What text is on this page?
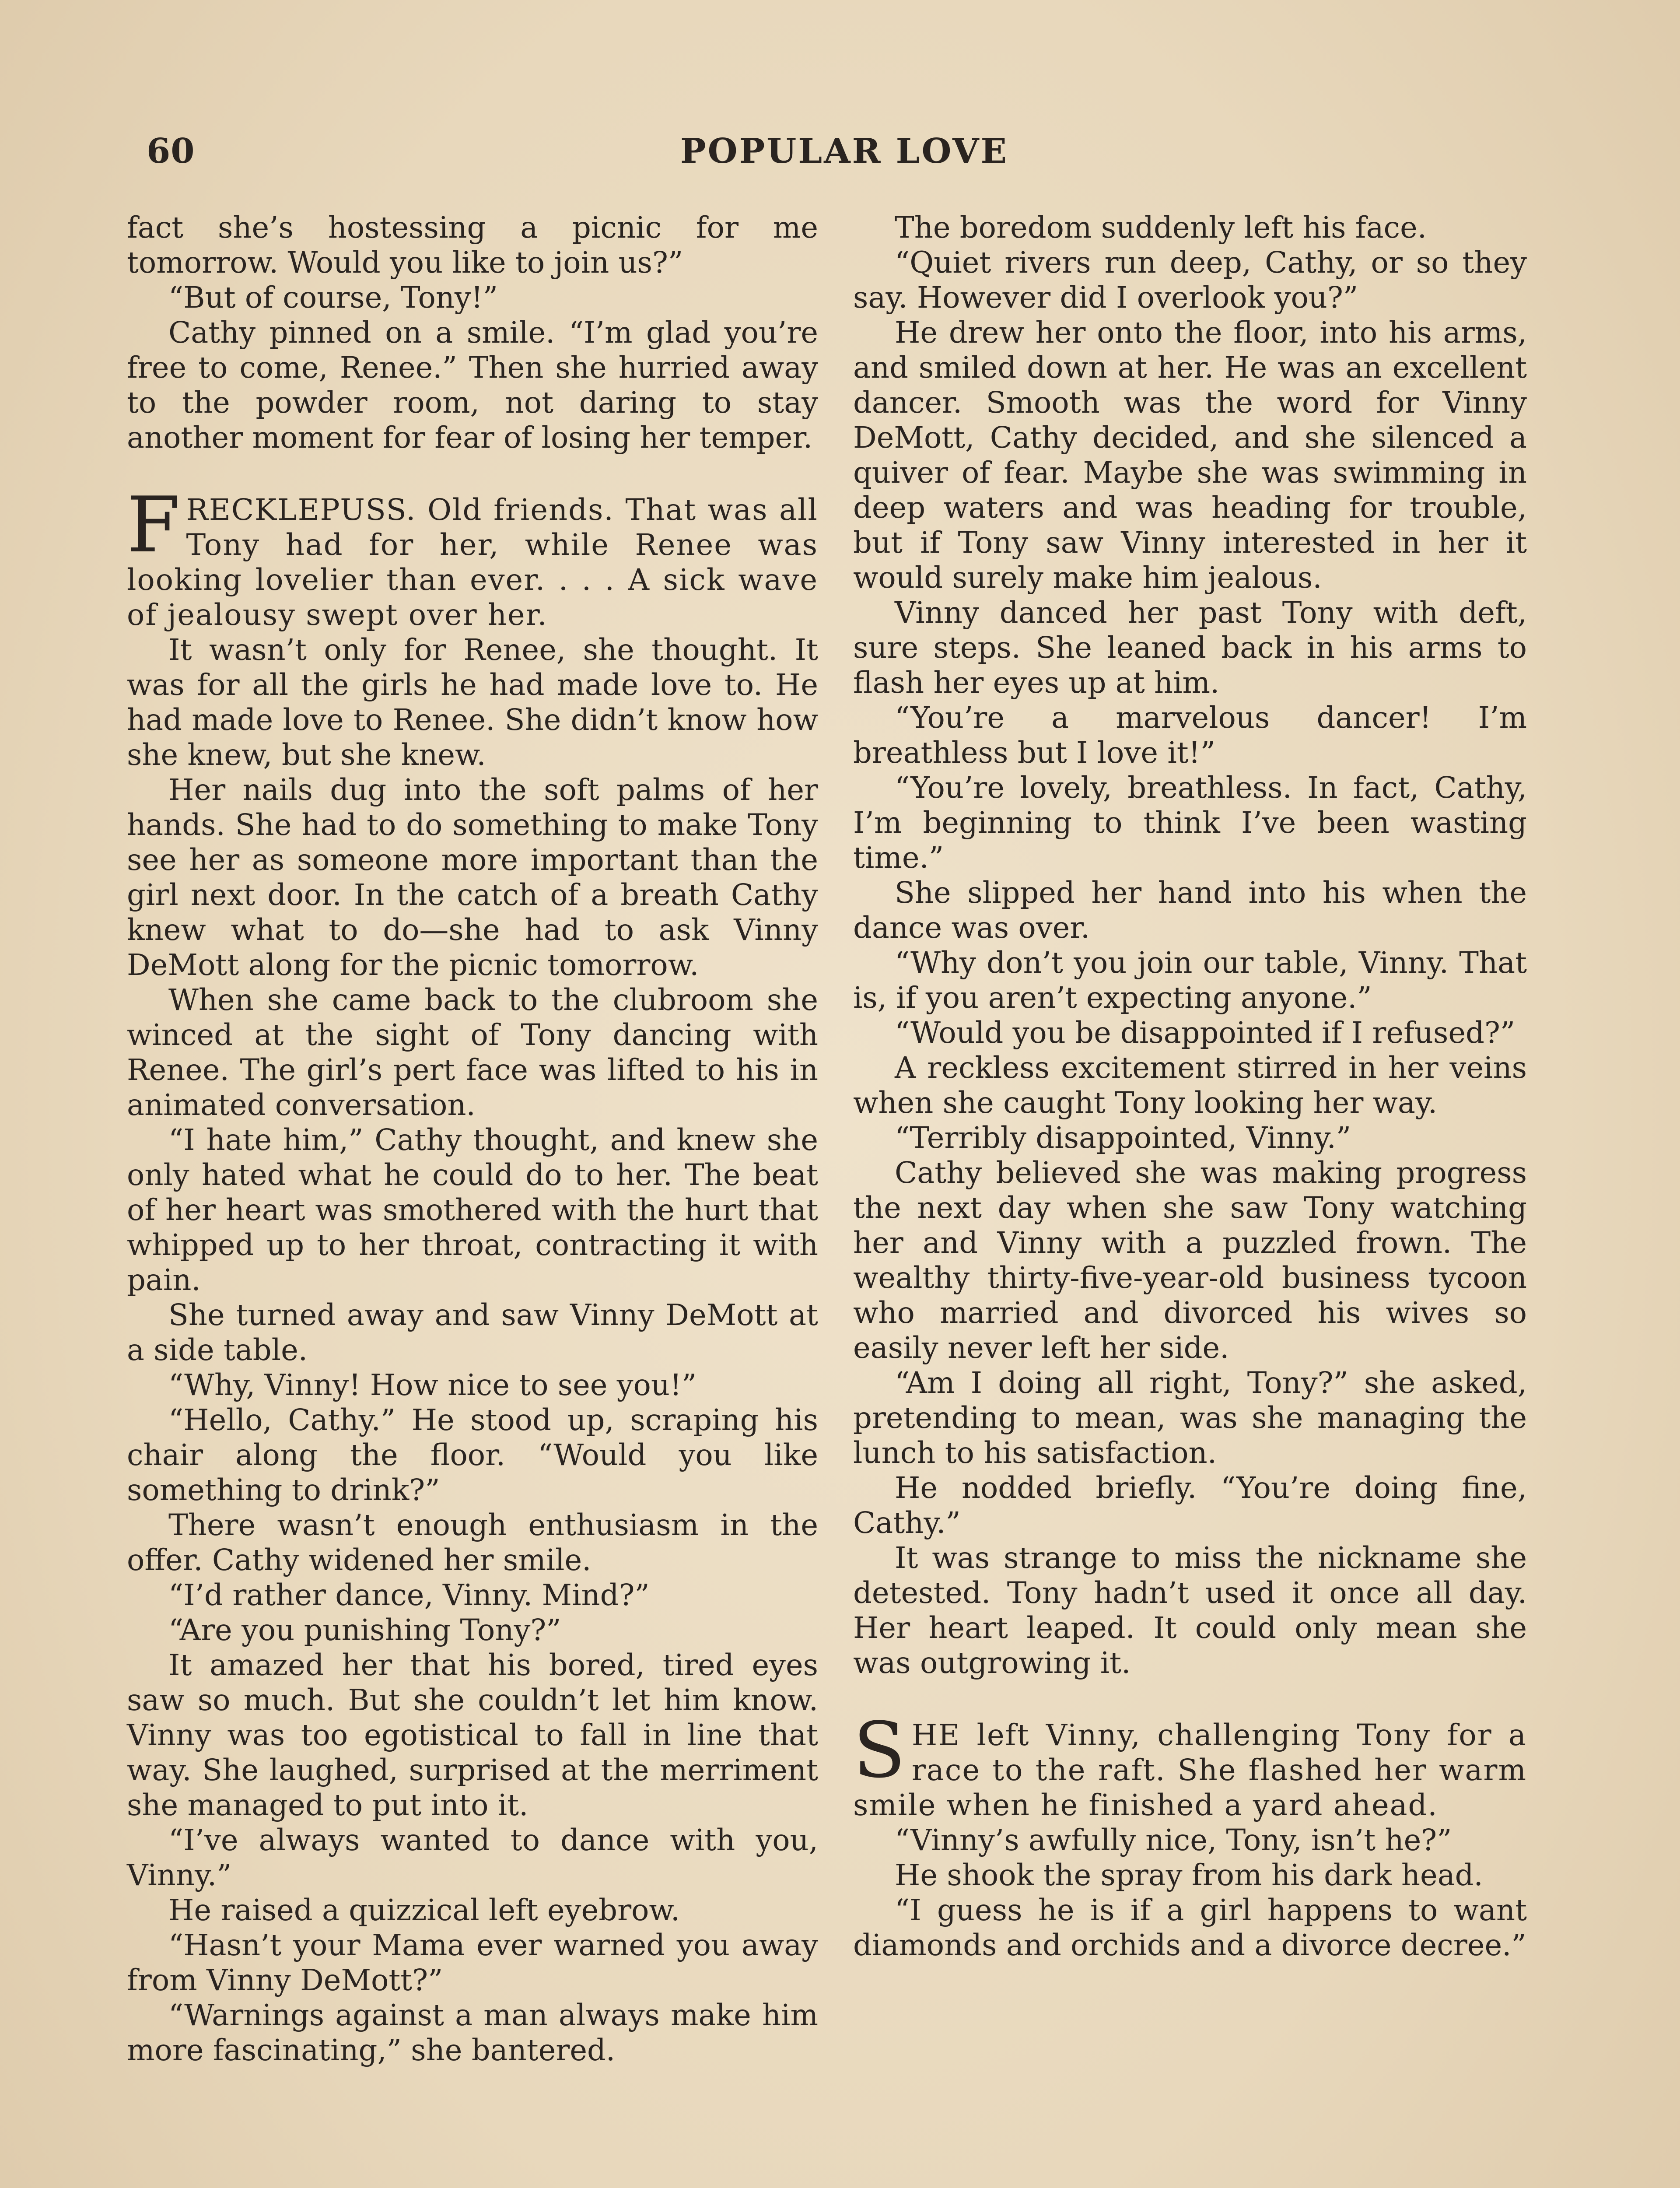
60	POPULAR LOVE

fact she’s hostessing a picnic for me tomorrow. Would you like to join us?”

“But of course, Tony!”

Cathy pinned on a smile. “I’m glad you’re free to come, Renee.” Then she hurried away to the powder room, not daring to stay another moment for fear of losing her temper.

FRECKLEPUSS. Old friends. That was all Tony had for her, while Renee was looking lovelier than ever. . . . A sick wave of jealousy swept over her.

It wasn’t only for Renee, she thought. It was for all the girls he had made love to. He had made love to Renee. She didn’t know how she knew, but she knew.

Her nails dug into the soft palms of her hands. She had to do something to make Tony see her as someone more important than the girl next door. In the catch of a breath Cathy knew what to do—she had to ask Vinny DeMott along for the picnic tomorrow.

When she came back to the clubroom she winced at the sight of Tony dancing with Renee. The girl’s pert face was lifted to his in animated conversation.

“I hate him,” Cathy thought, and knew she only hated what he could do to her. The beat of her heart was smothered with the hurt that whipped up to her throat, contracting it with pain.

She turned away and saw Vinny DeMott at a side table.

“Why, Vinny! How nice to see you!”

“Hello, Cathy.” He stood up, scraping his chair along the floor. “Would you like something to drink?”

There wasn’t enough enthusiasm in the offer. Cathy widened her smile.

“I’d rather dance, Vinny. Mind?”

“Are you punishing Tony?”

It amazed her that his bored, tired eyes saw so much. But she couldn’t let him know. Vinny was too egotistical to fall in line that way. She laughed, surprised at the merriment she managed to put into it.

“I’ve always wanted to dance with you, Vinny.”

He raised a quizzical left eyebrow.

“Hasn’t your Mama ever warned you away from Vinny DeMott?”

“Warnings against a man always make him more fascinating,” she bantered.

The boredom suddenly left his face.

“Quiet rivers run deep, Cathy, or so they say. However did I overlook you?”

He drew her onto the floor, into his arms, and smiled down at her. He was an excellent dancer. Smooth was the word for Vinny DeMott, Cathy decided, and she silenced a quiver of fear. Maybe she was swimming in deep waters and was heading for trouble, but if Tony saw Vinny interested in her it would surely make him jealous.

Vinny danced her past Tony with deft, sure steps. She leaned back in his arms to flash her eyes up at him.

“You’re a marvelous dancer! I’m breathless but I love it!”

“You’re lovely, breathless. In fact, Cathy, I’m beginning to think I’ve been wasting time.”

She slipped her hand into his when the dance was over.

“Why don’t you join our table, Vinny. That is, if you aren’t expecting anyone.”

“Would you be disappointed if I refused?”

A reckless excitement stirred in her veins when she caught Tony looking her way.

“Terribly disappointed, Vinny.”

Cathy believed she was making progress the next day when she saw Tony watching her and Vinny with a puzzled frown. The wealthy thirty-five-year-old business tycoon who married and divorced his wives so easily never left her side.

“Am I doing all right, Tony?” she asked, pretending to mean, was she managing the lunch to his satisfaction.

He nodded briefly. “You’re doing fine, Cathy.”

It was strange to miss the nickname she detested. Tony hadn’t used it once all day. Her heart leaped. It could only mean she was outgrowing it.

SHE left Vinny, challenging Tony for a race to the raft. She flashed her warm smile when he finished a yard ahead.

“Vinny’s awfully nice, Tony, isn’t he?”

He shook the spray from his dark head.

“I guess he is if a girl happens to want diamonds and orchids and a divorce decree.”
